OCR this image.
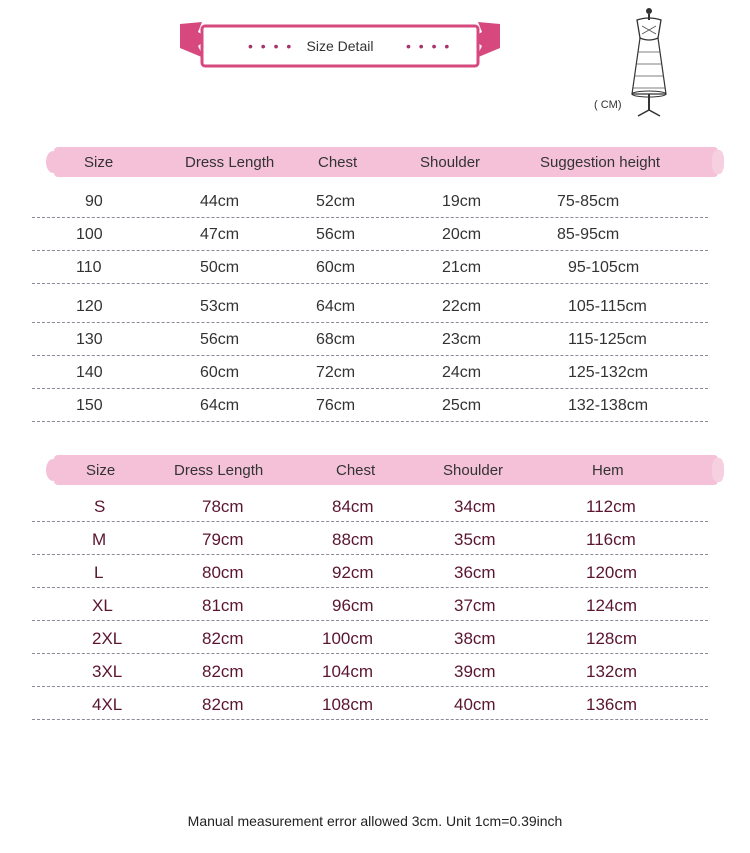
• • • • Size Detail	• • • •
( CM)
Size	Dress Length	Chest	Shoulder	Suggestion height
90	44cm	52cm	19cm	75-85cm
100	47cm	56cm	20cm	85-95cm
110	50cm	60cm	21cm	95-105cm
120	53cm	64cm	22cm	105-115cm
130	56cm	68cm	23cm	115-125cm
140	60cm	72cm	24cm	125-132cm
150	64cm	76cm	25cm	132-138cm
Size	Dress Length	Chest	Shoulder	Hem
S	78cm	84cm	34cm	112cm
M	79cm	88cm	35cm	116cm
L	80cm	92cm	36cm	120cm
XL	81cm	96cm	37cm	124cm
2XL	82cm	100cm	38cm	128cm
3XL	82cm	104cm	39cm	132cm
4XL	82cm	108cm	40cm	136cm
Manual measurement error allowed 3cm. Unit 1cm=0.39inch
